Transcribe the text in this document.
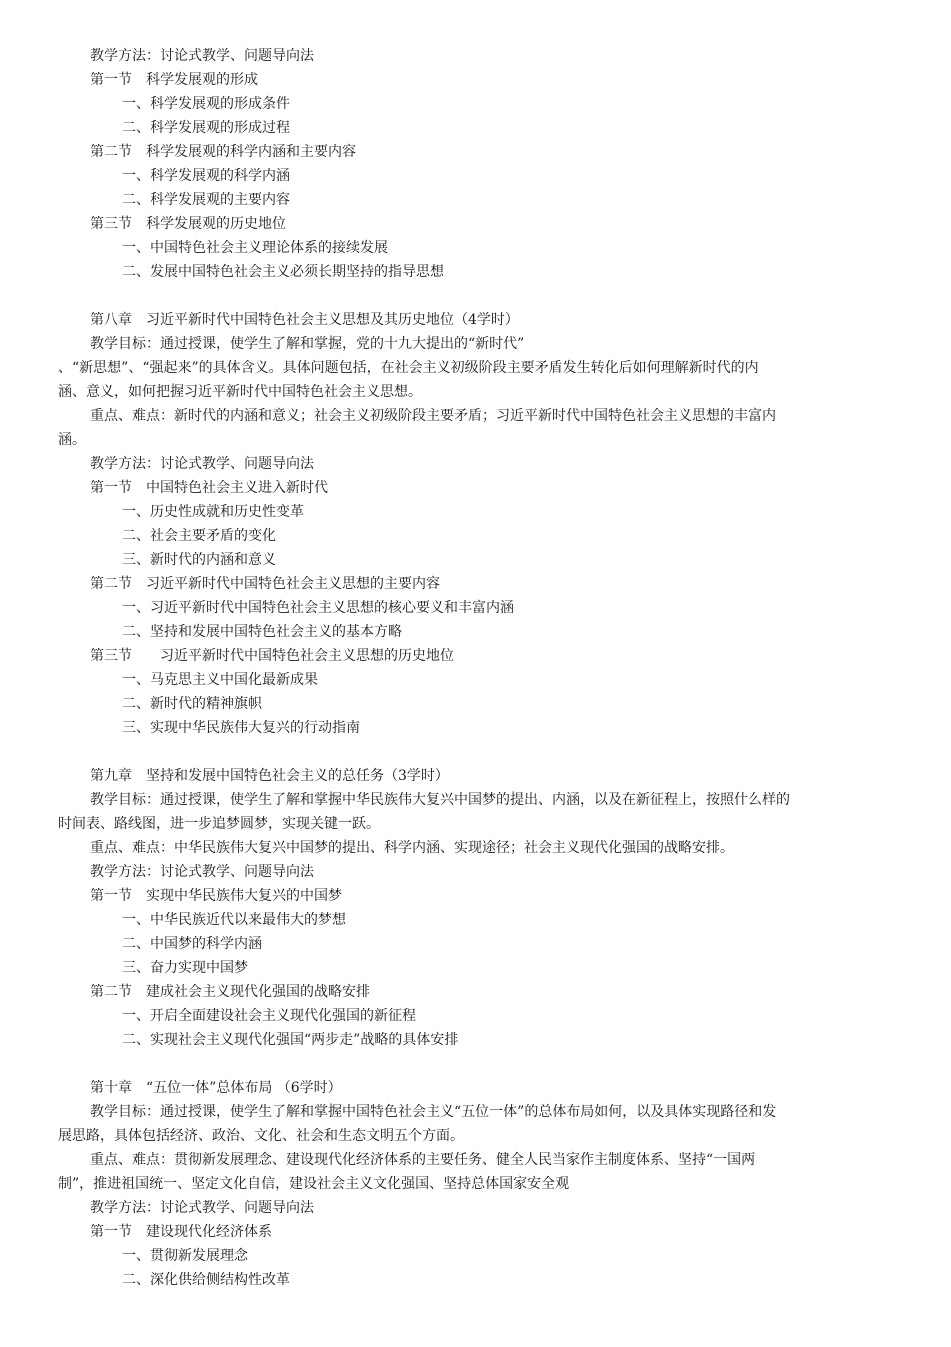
教学方法：讨论式教学、问题导向法
第一节　科学发展观的形成
一、科学发展观的形成条件
二、科学发展观的形成过程
第二节　科学发展观的科学内涵和主要内容
一、科学发展观的科学内涵
二、科学发展观的主要内容
第三节　科学发展观的历史地位
一、中国特色社会主义理论体系的接续发展
二、发展中国特色社会主义必须长期坚持的指导思想
第八章　习近平新时代中国特色社会主义思想及其历史地位（4学时）
教学目标：通过授课，使学生了解和掌握，党的十九大提出的“新时代”
、“新思想”、“强起来”的具体含义。具体问题包括，在社会主义初级阶段主要矛盾发生转化后如何理解新时代的内
涵、意义，如何把握习近平新时代中国特色社会主义思想。
重点、难点：新时代的内涵和意义；社会主义初级阶段主要矛盾；习近平新时代中国特色社会主义思想的丰富内
涵。
教学方法：讨论式教学、问题导向法
第一节　中国特色社会主义进入新时代
一、历史性成就和历史性变革
二、社会主要矛盾的变化
三、新时代的内涵和意义
第二节　习近平新时代中国特色社会主义思想的主要内容
一、习近平新时代中国特色社会主义思想的核心要义和丰富内涵
二、坚持和发展中国特色社会主义的基本方略
第三节　　习近平新时代中国特色社会主义思想的历史地位
一、马克思主义中国化最新成果
二、新时代的精神旗帜
三、实现中华民族伟大复兴的行动指南
第九章　坚持和发展中国特色社会主义的总任务（3学时）
教学目标：通过授课，使学生了解和掌握中华民族伟大复兴中国梦的提出、内涵，以及在新征程上，按照什么样的
时间表、路线图，进一步追梦圆梦，实现关键一跃。
重点、难点：中华民族伟大复兴中国梦的提出、科学内涵、实现途径；社会主义现代化强国的战略安排。
教学方法：讨论式教学、问题导向法
第一节　实现中华民族伟大复兴的中国梦
一、中华民族近代以来最伟大的梦想
二、中国梦的科学内涵
三、奋力实现中国梦
第二节　建成社会主义现代化强国的战略安排
一、开启全面建设社会主义现代化强国的新征程
二、实现社会主义现代化强国“两步走”战略的具体安排
第十章　“五位一体”总体布局 （6学时）
教学目标：通过授课，使学生了解和掌握中国特色社会主义“五位一体”的总体布局如何，以及具体实现路径和发
展思路，具体包括经济、政治、文化、社会和生态文明五个方面。
重点、难点：贯彻新发展理念、建设现代化经济体系的主要任务、健全人民当家作主制度体系、坚持“一国两
制”，推进祖国统一、坚定文化自信，建设社会主义文化强国、坚持总体国家安全观
教学方法：讨论式教学、问题导向法
第一节　建设现代化经济体系
一、贯彻新发展理念
二、深化供给侧结构性改革
